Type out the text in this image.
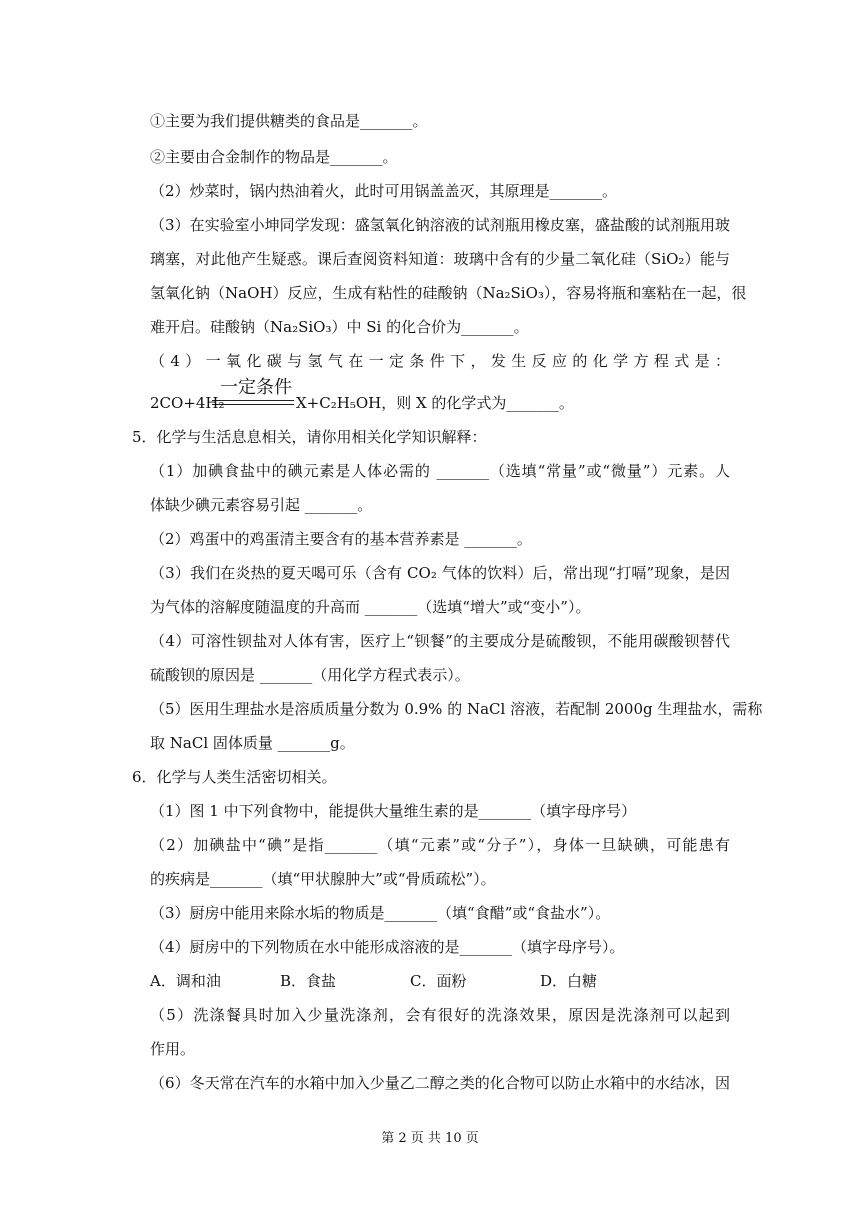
①主要为我们提供糖类的食品是_______。
②主要由合金制作的物品是_______。
（2）炒菜时，锅内热油着火，此时可用锅盖盖灭，其原理是_______。
（3）在实验室小坤同学发现：盛氢氧化钠溶液的试剂瓶用橡皮塞，盛盐酸的试剂瓶用玻
璃塞，对此他产生疑惑。课后查阅资料知道：玻璃中含有的少量二氧化硅（SiO₂）能与
氢氧化钠（NaOH）反应，生成有粘性的硅酸钠（Na₂SiO₃），容易将瓶和塞粘在一起，很
难开启。硅酸钠（Na₂SiO₃）中 Si 的化合价为_______。
（4）一氧化碳与氢气在一定条件下，发生反应的化学方程式是：
一定条件
2CO+4H₂	X+C₂H₅OH，则 X 的化学式为_______。
5．化学与生活息息相关，请你用相关化学知识解释：
（1）加碘食盐中的碘元素是人体必需的 _______（选填“常量”或“微量”）元素。人
体缺少碘元素容易引起 _______。
（2）鸡蛋中的鸡蛋清主要含有的基本营养素是 _______。
（3）我们在炎热的夏天喝可乐（含有 CO₂ 气体的饮料）后，常出现“打嗝”现象，是因
为气体的溶解度随温度的升高而 _______（选填“增大”或“变小”）。
（4）可溶性钡盐对人体有害，医疗上“钡餐”的主要成分是硫酸钡，不能用碳酸钡替代
硫酸钡的原因是 _______（用化学方程式表示）。
（5）医用生理盐水是溶质质量分数为 0.9% 的 NaCl 溶液，若配制 2000g 生理盐水，需称
取 NaCl 固体质量 _______g。
6．化学与人类生活密切相关。
（1）图 1 中下列食物中，能提供大量维生素的是_______（填字母序号）
（2）加碘盐中“碘”是指_______（填“元素”或“分子”），身体一旦缺碘，可能患有
的疾病是_______（填“甲状腺肿大”或“骨质疏松”）。
（3）厨房中能用来除水垢的物质是_______（填“食醋”或“食盐水”）。
（4）厨房中的下列物质在水中能形成溶液的是_______（填字母序号）。
A．调和油	B．食盐	C．面粉	D．白糖
（5）洗涤餐具时加入少量洗涤剂，会有很好的洗涤效果，原因是洗涤剂可以起到
作用。
（6）冬天常在汽车的水箱中加入少量乙二醇之类的化合物可以防止水箱中的水结冰，因
第 2 页 共 10 页
